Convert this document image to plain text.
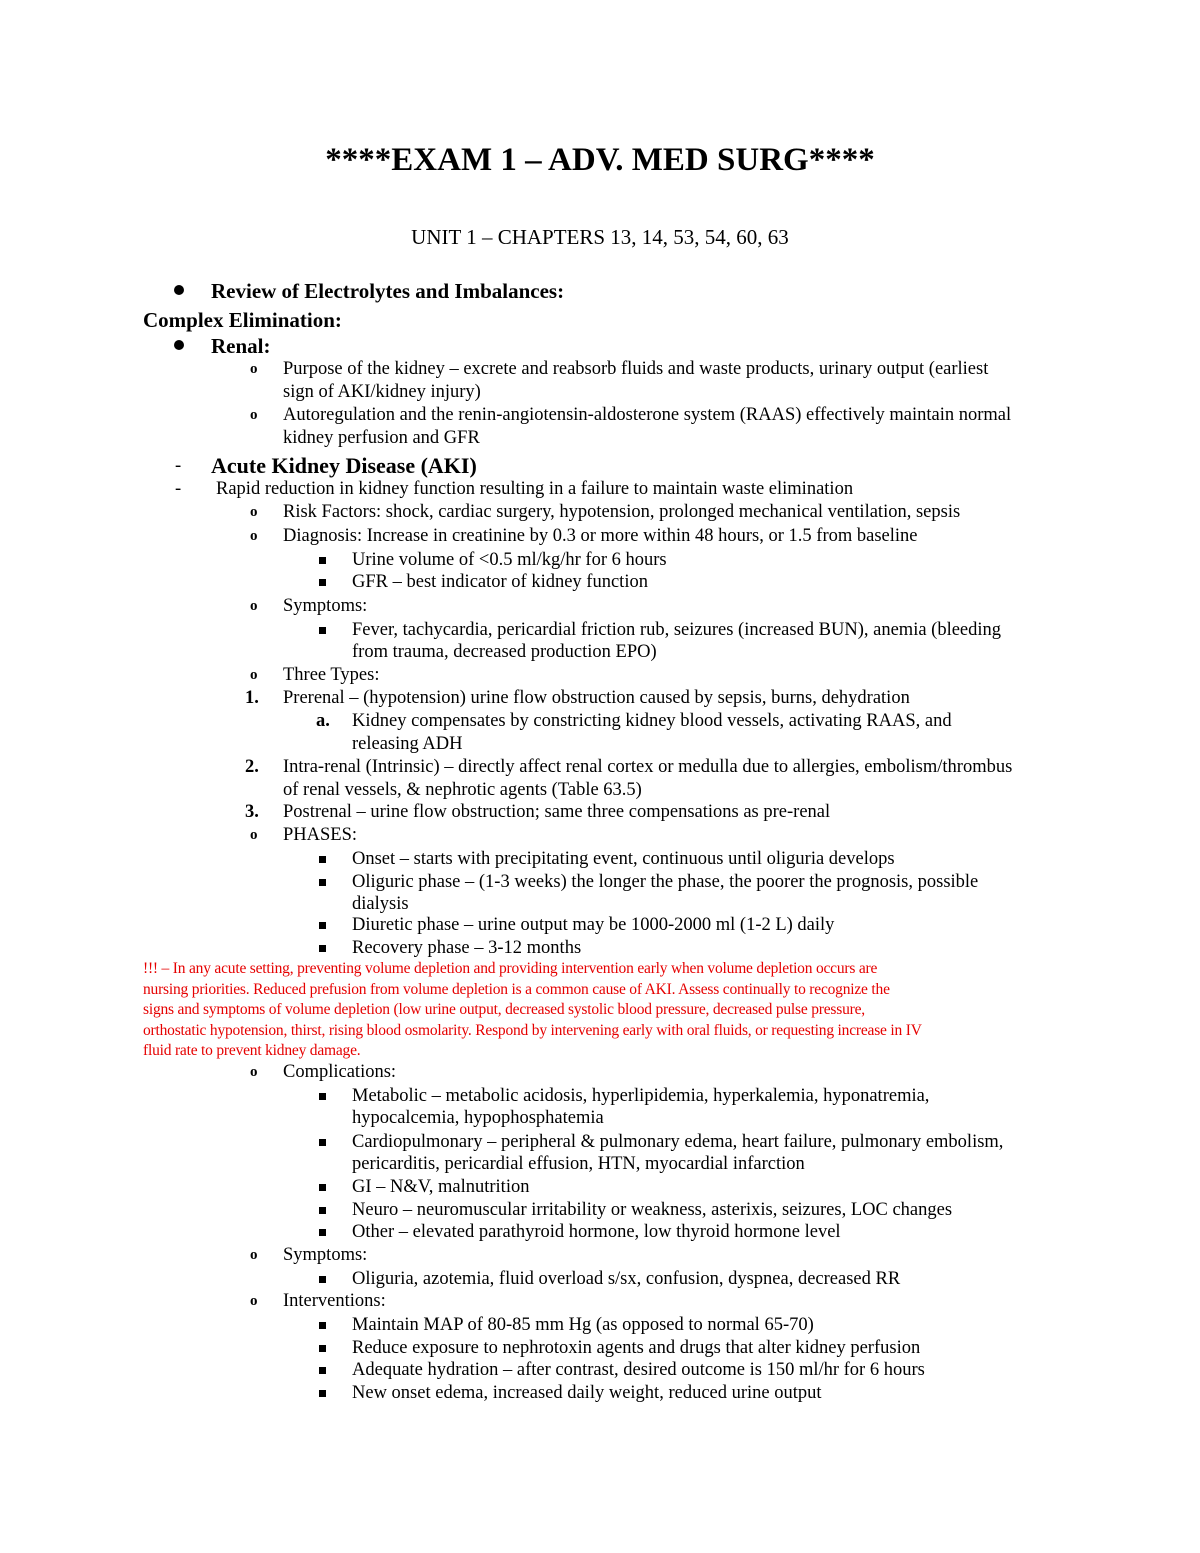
****EXAM 1 – ADV. MED SURG****
UNIT 1 – CHAPTERS 13, 14, 53, 54, 60, 63
Review of Electrolytes and Imbalances:
Complex Elimination:
Renal:
o Purpose of the kidney – excrete and reabsorb fluids and waste products, urinary output (earliest
sign of AKI/kidney injury)
o Autoregulation and the renin-angiotensin-aldosterone system (RAAS) effectively maintain normal
kidney perfusion and GFR
- Acute Kidney Disease (AKI)
- Rapid reduction in kidney function resulting in a failure to maintain waste elimination
o Risk Factors: shock, cardiac surgery, hypotension, prolonged mechanical ventilation, sepsis
o Diagnosis: Increase in creatinine by 0.3 or more within 48 hours, or 1.5 from baseline
Urine volume of <0.5 ml/kg/hr for 6 hours
GFR – best indicator of kidney function
o Symptoms:
Fever, tachycardia, pericardial friction rub, seizures (increased BUN), anemia (bleeding
from trauma, decreased production EPO)
o Three Types:
1. Prerenal – (hypotension) urine flow obstruction caused by sepsis, burns, dehydration
a. Kidney compensates by constricting kidney blood vessels, activating RAAS, and
releasing ADH
2. Intra-renal (Intrinsic) – directly affect renal cortex or medulla due to allergies, embolism/thrombus
of renal vessels, & nephrotic agents (Table 63.5)
3. Postrenal – urine flow obstruction; same three compensations as pre-renal
o PHASES:
Onset – starts with precipitating event, continuous until oliguria develops
Oliguric phase – (1-3 weeks) the longer the phase, the poorer the prognosis, possible
dialysis
Diuretic phase – urine output may be 1000-2000 ml (1-2 L) daily
Recovery phase – 3-12 months
!!! – In any acute setting, preventing volume depletion and providing intervention early when volume depletion occurs are
nursing priorities. Reduced prefusion from volume depletion is a common cause of AKI. Assess continually to recognize the
signs and symptoms of volume depletion (low urine output, decreased systolic blood pressure, decreased pulse pressure,
orthostatic hypotension, thirst, rising blood osmolarity. Respond by intervening early with oral fluids, or requesting increase in IV
fluid rate to prevent kidney damage.
o Complications:
Metabolic – metabolic acidosis, hyperlipidemia, hyperkalemia, hyponatremia,
hypocalcemia, hypophosphatemia
Cardiopulmonary – peripheral & pulmonary edema, heart failure, pulmonary embolism,
pericarditis, pericardial effusion, HTN, myocardial infarction
GI – N&V, malnutrition
Neuro – neuromuscular irritability or weakness, asterixis, seizures, LOC changes
Other – elevated parathyroid hormone, low thyroid hormone level
o Symptoms:
Oliguria, azotemia, fluid overload s/sx, confusion, dyspnea, decreased RR
o Interventions:
Maintain MAP of 80-85 mm Hg (as opposed to normal 65-70)
Reduce exposure to nephrotoxin agents and drugs that alter kidney perfusion
Adequate hydration – after contrast, desired outcome is 150 ml/hr for 6 hours
New onset edema, increased daily weight, reduced urine output
